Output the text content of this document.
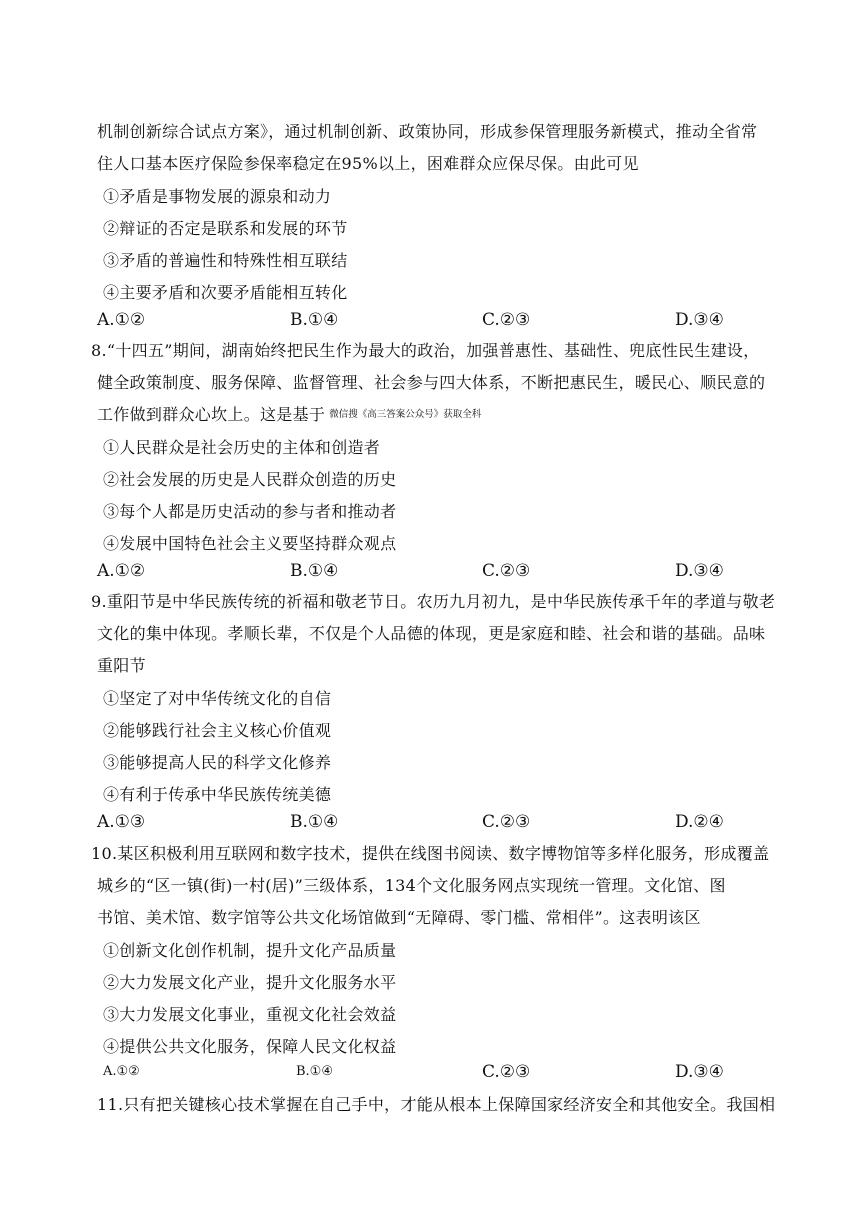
机制创新综合试点方案》，通过机制创新、政策协同，形成参保管理服务新模式，推动全省常
住人口基本医疗保险参保率稳定在95%以上，困难群众应保尽保。由此可见
①矛盾是事物发展的源泉和动力
②辩证的否定是联系和发展的环节
③矛盾的普遍性和特殊性相互联结
④主要矛盾和次要矛盾能相互转化
A.①②	B.①④	C.②③	D.③④
8.“十四五”期间，湖南始终把民生作为最大的政治，加强普惠性、基础性、兜底性民生建设，
健全政策制度、服务保障、监督管理、社会参与四大体系，不断把惠民生，暖民心、顺民意的
工作做到群众心坎上。这是基于 微信搜《高三答案公众号》获取全科
①人民群众是社会历史的主体和创造者
②社会发展的历史是人民群众创造的历史
③每个人都是历史活动的参与者和推动者
④发展中国特色社会主义要坚持群众观点
A.①②	B.①④	C.②③	D.③④
9.重阳节是中华民族传统的祈福和敬老节日。农历九月初九，是中华民族传承千年的孝道与敬老
文化的集中体现。孝顺长辈，不仅是个人品德的体现，更是家庭和睦、社会和谐的基础。品味
重阳节
①坚定了对中华传统文化的自信
②能够践行社会主义核心价值观
③能够提高人民的科学文化修养
④有利于传承中华民族传统美德
A.①③	B.①④	C.②③	D.②④
10.某区积极利用互联网和数字技术，提供在线图书阅读、数字博物馆等多样化服务，形成覆盖
城乡的“区一镇(街)一村(居)”三级体系，134个文化服务网点实现统一管理。文化馆、图
书馆、美术馆、数字馆等公共文化场馆做到“无障碍、零门槛、常相伴”。这表明该区
①创新文化创作机制，提升文化产品质量
②大力发展文化产业，提升文化服务水平
③大力发展文化事业，重视文化社会效益
④提供公共文化服务，保障人民文化权益
A.①②	B.①④	C.②③	D.③④
11.只有把关键核心技术掌握在自己手中，才能从根本上保障国家经济安全和其他安全。我国相
